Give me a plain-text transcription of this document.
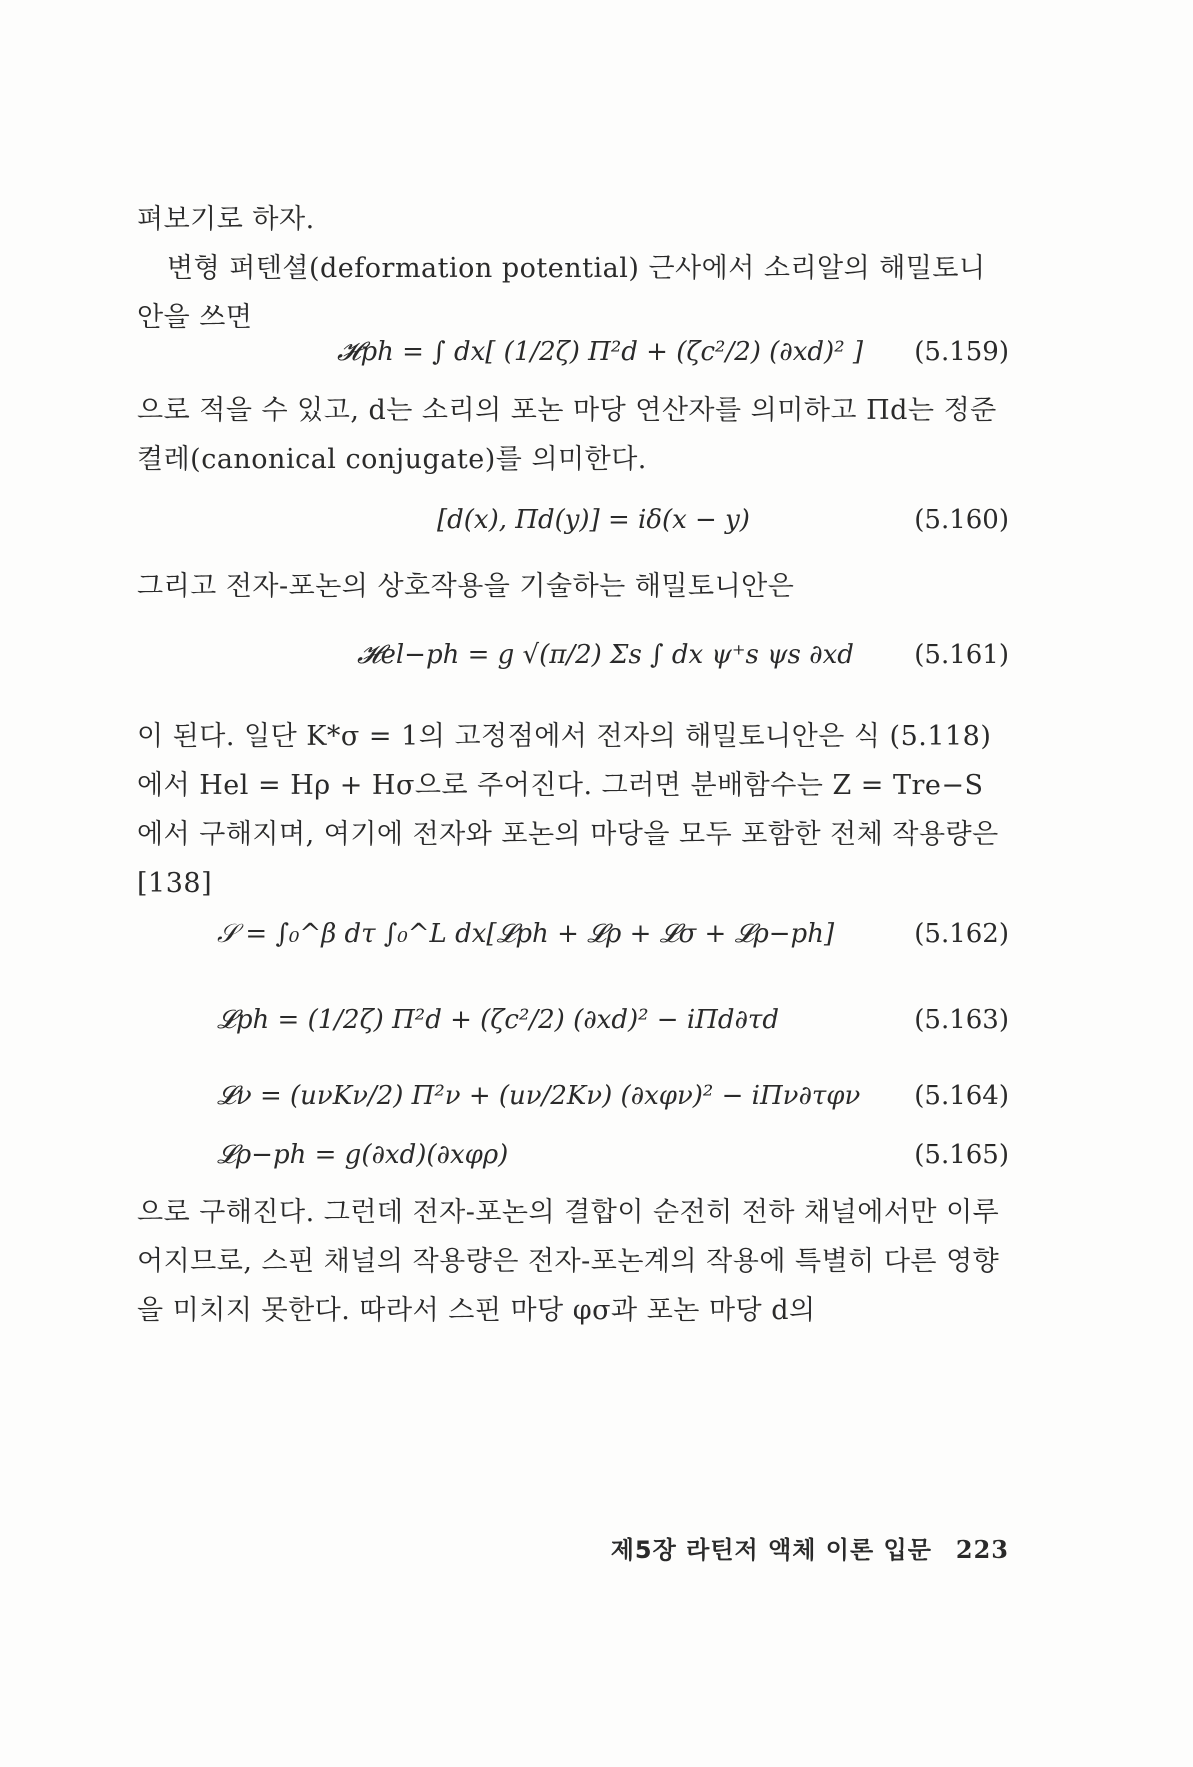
펴보기로 하자.

변형 퍼텐셜(deformation potential) 근사에서 소리알의 해밀토니안을 쓰면

𝓗ph = ∫ dx[ (1/2ζ) Π²d + (ζc²/2) (∂xd)² ] (5.159)

으로 적을 수 있고, d는 소리의 포논 마당 연산자를 의미하고 Πd는 정준 켤레(canonical conjugate)를 의미한다.

[d(x), Πd(y)] = iδ(x − y)	(5.160)

그리고 전자-포논의 상호작용을 기술하는 해밀토니안은

𝓗el−ph = g √(π/2) Σs ∫ dx ψ⁺s ψs ∂xd (5.161)

이 된다. 일단 K*σ = 1의 고정점에서 전자의 해밀토니안은 식 (5.118)에서 Hel = Hρ + Hσ으로 주어진다. 그러면 분배함수는 Z = Tre−S에서 구해지며, 여기에 전자와 포논의 마당을 모두 포함한 전체 작용량은[138]

𝒮 = ∫₀^β dτ ∫₀^L dx[𝓛ph + 𝓛ρ + 𝓛σ + 𝓛ρ−ph]	(5.162)
𝓛ph = (1/2ζ) Π²d + (ζc²/2) (∂xd)² − iΠd∂τd	(5.163)
𝓛ν = (uνKν/2) Π²ν + (uν/2Kν) (∂xφν)² − iΠν∂τφν (5.164)
𝓛ρ−ph = g(∂xd)(∂xφρ)	(5.165)

으로 구해진다. 그런데 전자-포논의 결합이 순전히 전하 채널에서만 이루어지므로, 스핀 채널의 작용량은 전자-포논계의 작용에 특별히 다른 영향을 미치지 못한다. 따라서 스핀 마당 φσ과 포논 마당 d의

제5장 라틴저 액체 이론 입문 223
